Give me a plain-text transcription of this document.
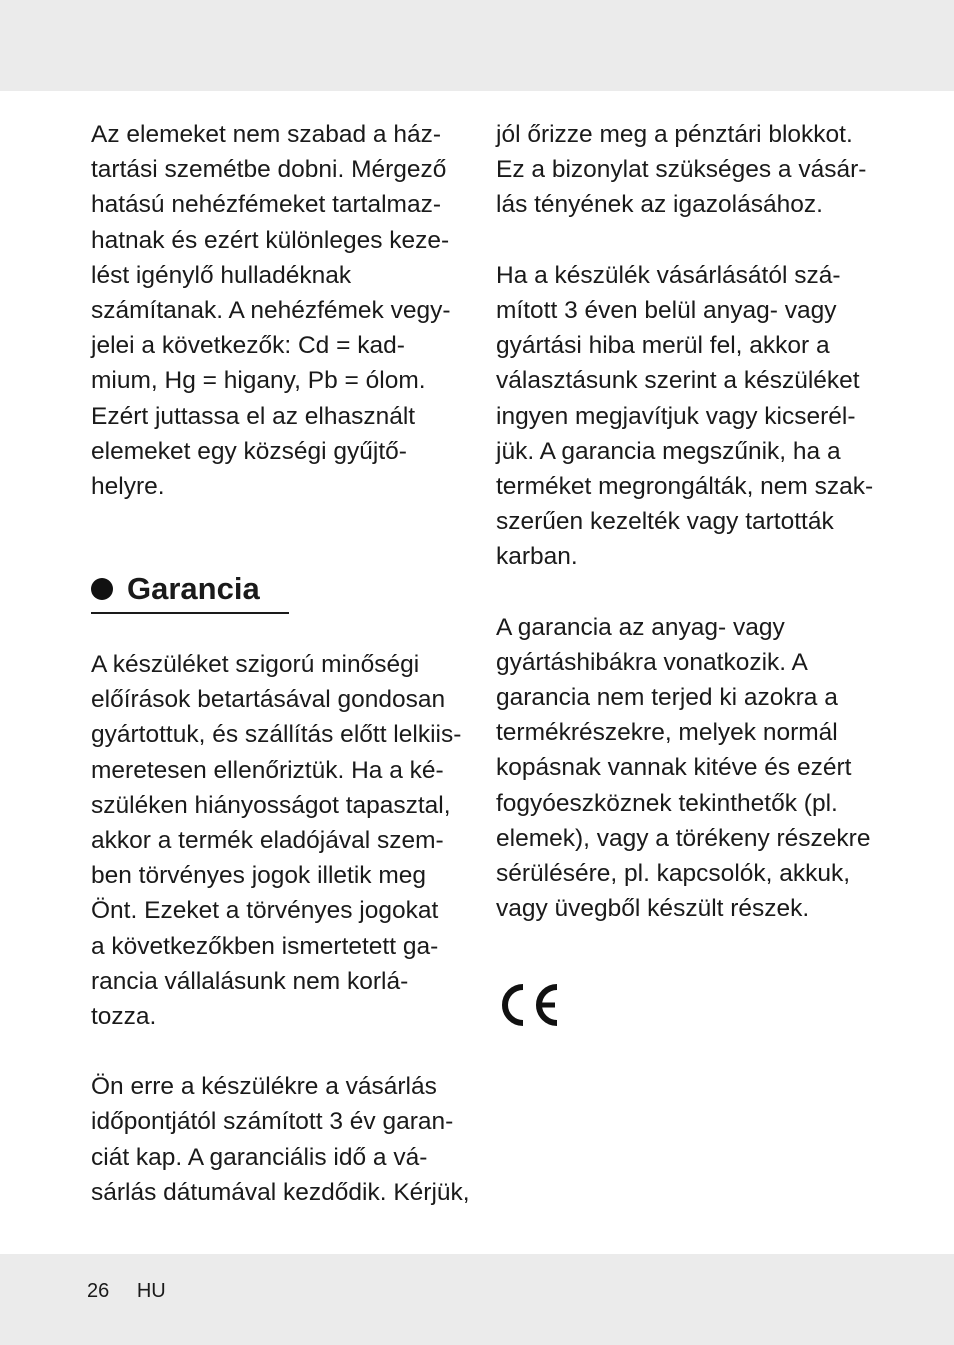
Az elemeket nem szabad a ház-
tartási szemétbe dobni. Mérgező
hatású nehézfémeket tartalmaz-
hatnak és ezért különleges keze-
lést igénylő hulladéknak
számítanak. A nehézfémek vegy-
jelei a következők: Cd = kad-
mium, Hg = higany, Pb = ólom.
Ezért juttassa el az elhasznált
elemeket egy községi gyűjtő-
helyre.
Garancia
A készüléket szigorú minőségi
előírások betartásával gondosan
gyártottuk, és szállítás előtt lelkiis-
meretesen ellenőriztük. Ha a ké-
szüléken hiányosságot tapasztal,
akkor a termék eladójával szem-
ben törvényes jogok illetik meg
Önt. Ezeket a törvényes jogokat
a következőkben ismertetett ga-
rancia vállalásunk nem korlá-
tozza.
Ön erre a készülékre a vásárlás
időpontjától számított 3 év garan-
ciát kap. A garanciális idő a vá-
sárlás dátumával kezdődik. Kérjük,
jól őrizze meg a pénztári blokkot.
Ez a bizonylat szükséges a vásár-
lás tényének az igazolásához.
Ha a készülék vásárlásától szá-
mított 3 éven belül anyag- vagy
gyártási hiba merül fel, akkor a
választásunk szerint a készüléket
ingyen megjavítjuk vagy kicserél-
jük. A garancia megszűnik, ha a
terméket megrongálták, nem szak-
szerűen kezelték vagy tartották
karban.
A garancia az anyag- vagy
gyártáshibákra vonatkozik. A
garancia nem terjed ki azokra a
termékrészekre, melyek normál
kopásnak vannak kitéve és ezért
fogyóeszköznek tekinthetők (pl.
elemek), vagy a törékeny részekre
sérülésére, pl. kapcsolók, akkuk,
vagy üvegből készült részek.
26 HU
